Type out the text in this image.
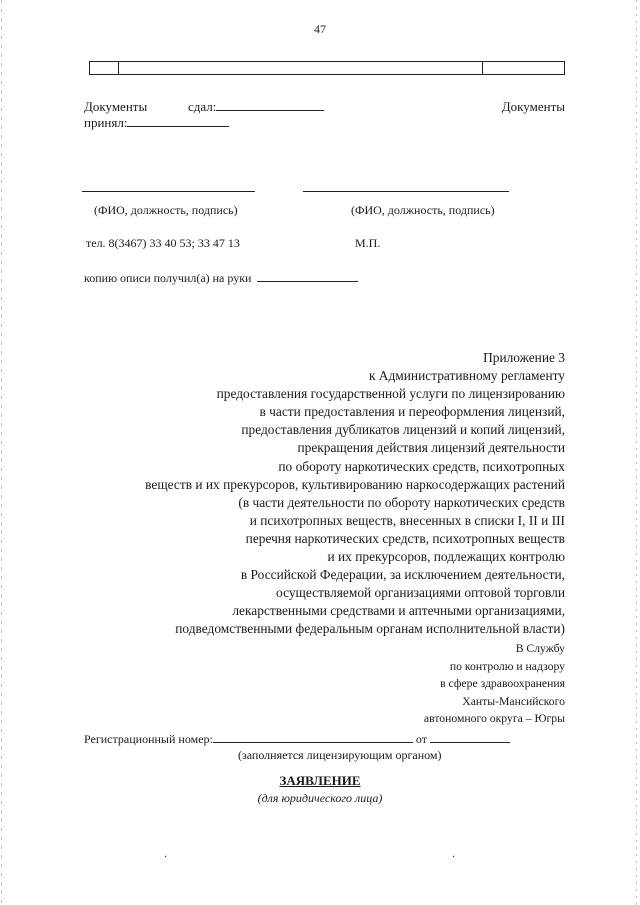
47
Документы	сдал:	Документы
принял:
(ФИО, должность, подпись)	(ФИО, должность, подпись)
тел. 8(3467) 33 40 53; 33 47 13	М.П.
копию описи получил(а) на руки
Приложение 3
к Административному регламенту
предоставления государственной услуги по лицензированию
в части предоставления и переоформления лицензий,
предоставления дубликатов лицензий и копий лицензий,
прекращения действия лицензий деятельности
по обороту наркотических средств, психотропных
веществ и их прекурсоров, культивированию наркосодержащих растений
(в части деятельности по обороту наркотических средств
и психотропных веществ, внесенных в списки I, II и III
перечня наркотических средств, психотропных веществ
и их прекурсоров, подлежащих контролю
в Российской Федерации, за исключением деятельности,
осуществляемой организациями оптовой торговли
лекарственными средствами и аптечными организациями,
подведомственными федеральным органам исполнительной власти)
В Службу
по контролю и надзору
в сфере здравоохранения
Ханты-Мансийского
автономного округа – Югры
Регистрационный номер:	от
(заполняется лицензирующим органом)
ЗАЯВЛЕНИЕ
(для юридического лица)
.	.
